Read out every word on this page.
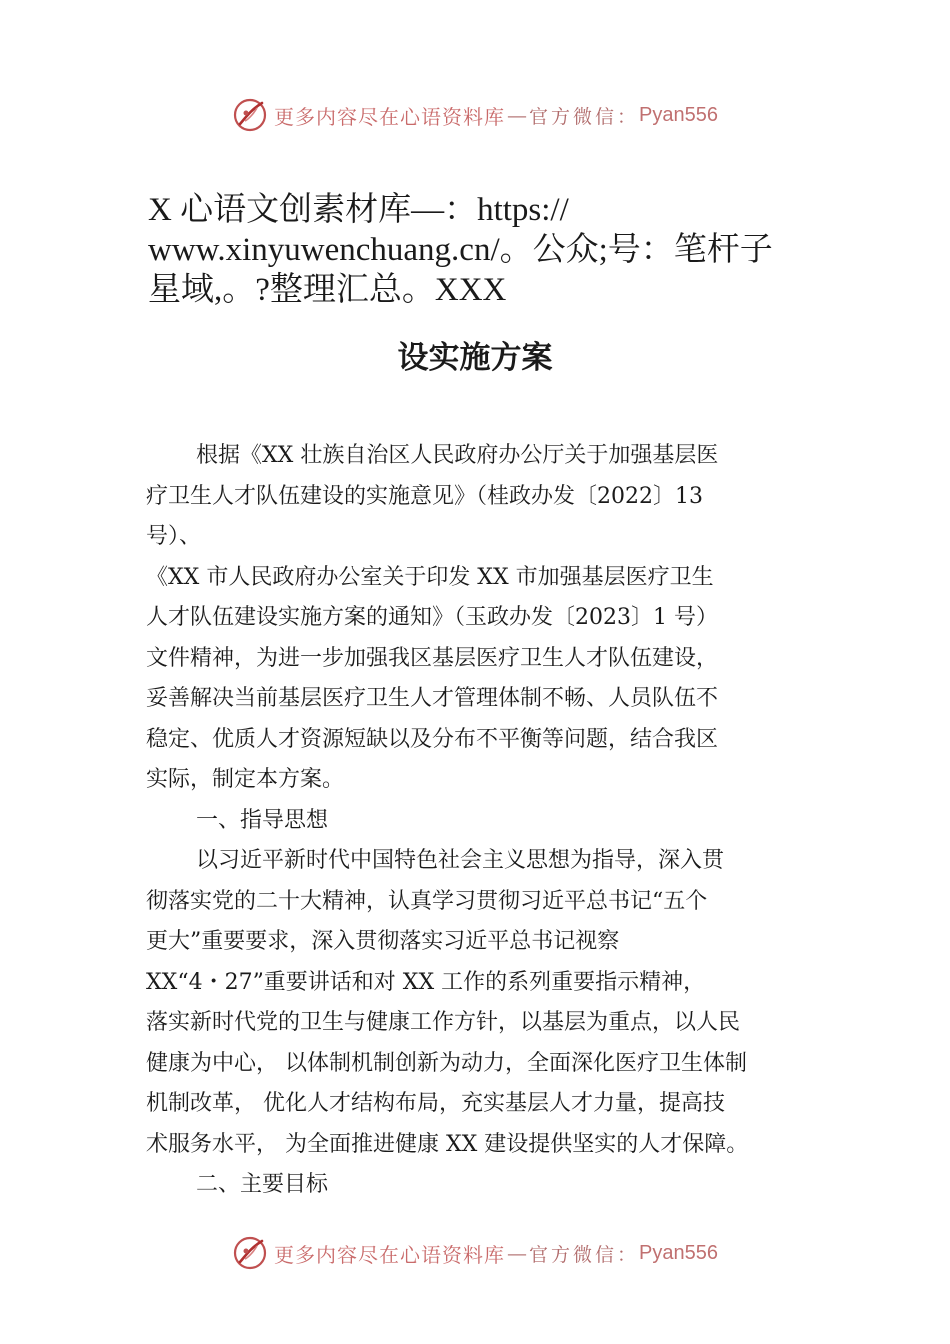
更多内容尽在心语资料库 — 官方微信： Pyan556
X 心语文创素材库—：https://
www.xinyuwenchuang.cn/。公众;号：笔杆子
星域,。?整理汇总。XXX
设实施方案
根据《XX 壮族自治区人民政府办公厅关于加强基层医
疗卫生人才队伍建设的实施意见》（桂政办发〔2022〕13
号）、
《XX 市人民政府办公室关于印发 XX 市加强基层医疗卫生
人才队伍建设实施方案的通知》（玉政办发〔2023〕1 号）
文件精神，为进一步加强我区基层医疗卫生人才队伍建设，
妥善解决当前基层医疗卫生人才管理体制不畅、人员队伍不
稳定、优质人才资源短缺以及分布不平衡等问题，结合我区
实际，制定本方案。
一、指导思想
以习近平新时代中国特色社会主义思想为指导，深入贯
彻落实党的二十大精神，认真学习贯彻习近平总书记“五个
更大”重要要求，深入贯彻落实习近平总书记视察
XX“4・27”重要讲话和对 XX 工作的系列重要指示精神，
落实新时代党的卫生与健康工作方针，以基层为重点，以人民
健康为中心， 以体制机制创新为动力，全面深化医疗卫生体制
机制改革， 优化人才结构布局，充实基层人才力量，提高技
术服务水平， 为全面推进健康 XX 建设提供坚实的人才保障。
二、主要目标
更多内容尽在心语资料库 — 官方微信： Pyan556
